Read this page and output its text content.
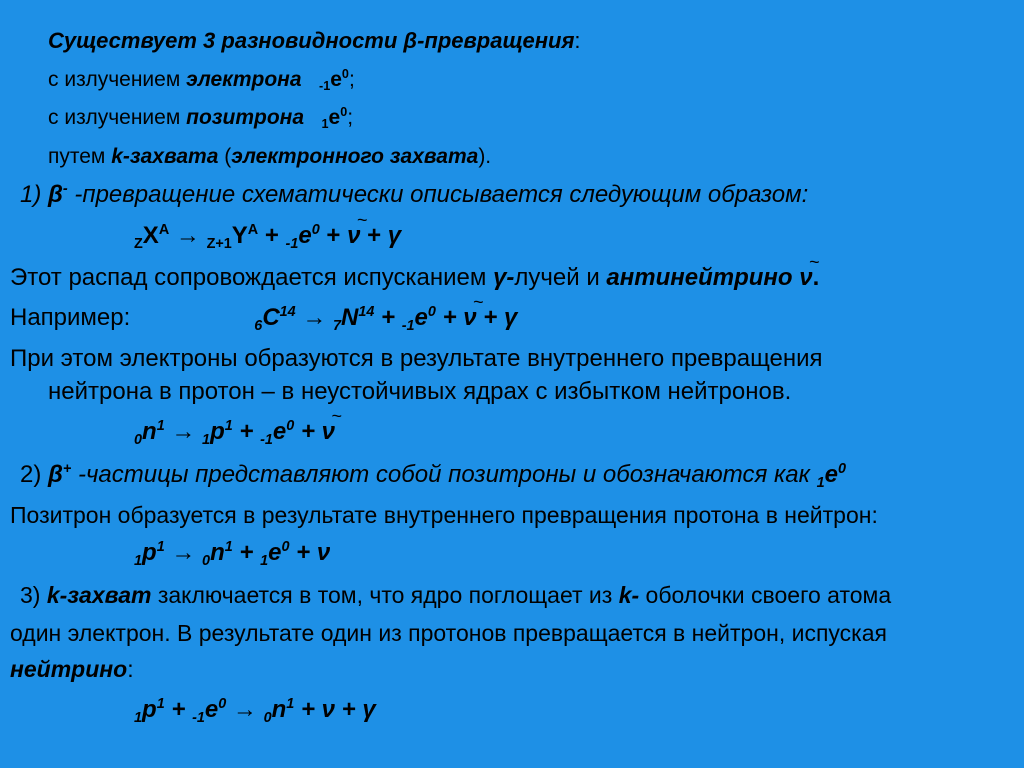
Существует 3 разновидности β-превращения:
с излучением электрона $_{-1}e^0$;
с излучением позитрона $_1e^0$;
путем k-захвата (электронного захвата).
1) β- -превращение схематически описывается следующим образом:
$_ZX^A \to _{Z+1}Y^A + _{-1}e^0 + \nu$
~
+ γ
Этот распад сопровождается испусканием γ-лучей и антинейтрино ν
~
.
Например:	$_6C^{14} \to _7N^{14} + _{-1}e^0 + \nu$
~
+ γ
При этом электроны образуются в результате внутреннего превращения
нейтрона в протон – в неустойчивых ядрах с избытком нейтронов.
$_0n^1 \to _1p^1 + _{-1}e^0 + \nu$
~
2) β+ -частицы представляют собой позитроны и обозначаются как $_1e^0$
Позитрон образуется в результате внутреннего превращения протона в нейтрон:
$_1p^1 \to _0n^1 + _1e^0 + \nu$
3) k-захват заключается в том, что ядро поглощает из k- оболочки своего атома
один электрон. В результате один из протонов превращается в нейтрон, испуская
нейтрино:
$_1p^1 + _{-1}e^0 \to _0n^1 + \nu + \gamma$
